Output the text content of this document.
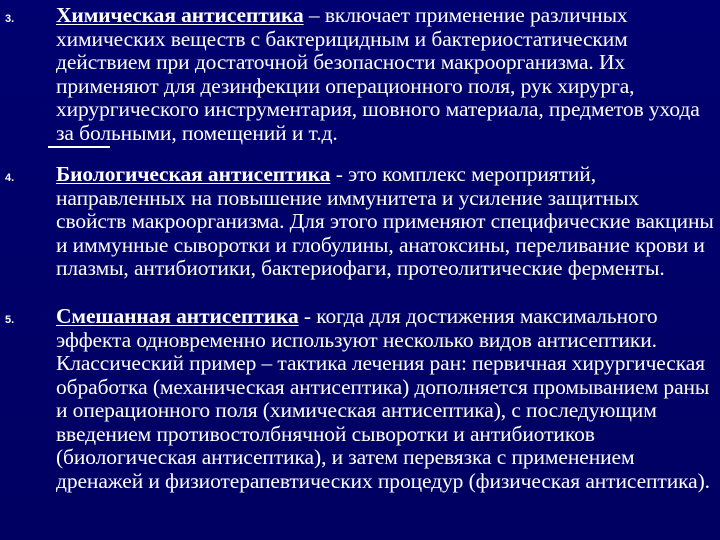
3. Химическая антисептика – включает применение различных химических веществ с бактерицидным и бактериостатическим действием при достаточной безопасности макроорганизма. Их применяют для дезинфекции операционного поля, рук хирурга, хирургического инструментария, шовного материала, предметов ухода за больными, помещений и т.д.
4. Биологическая антисептика - это комплекс мероприятий, направленных на повышение иммунитета и усиление защитных свойств макроорганизма. Для этого применяют специфические вакцины и иммунные сыворотки и глобулины, анатоксины, переливание крови и плазмы, антибиотики, бактериофаги, протеолитические ферменты.
5. Смешанная антисептика - когда для достижения максимального эффекта одновременно используют несколько видов антисептики. Классический пример – тактика лечения ран: первичная хирургическая обработка (механическая антисептика) дополняется промыванием раны и операционного поля (химическая антисептика), с последующим введением противостолбнячной сыворотки и антибиотиков (биологическая антисептика), и затем перевязка с применением дренажей и физиотерапевтических процедур (физическая антисептика).
